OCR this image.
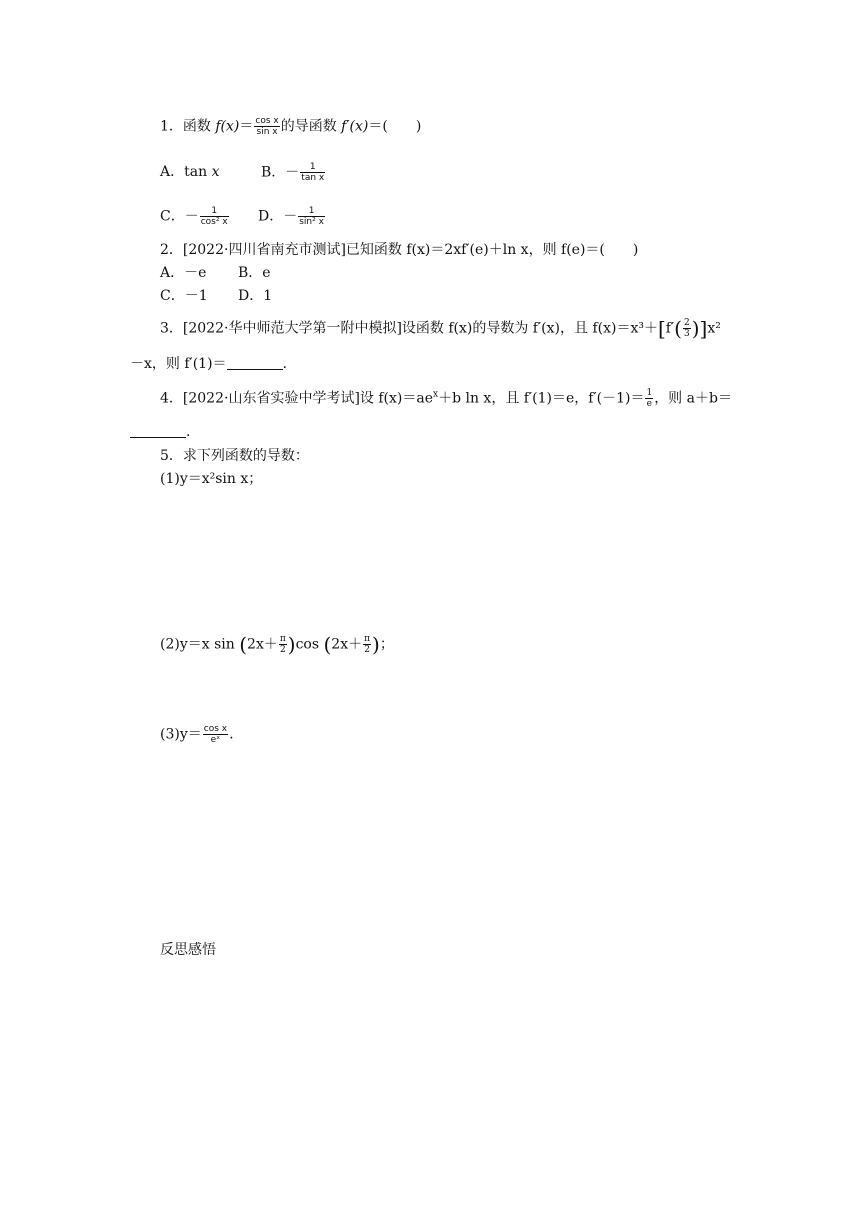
1．函数 $f(x)= \frac{\text{cos x}}{\text{sin x}}$ 的导函数 f′(x)＝(　　)
A．tan x	B．－ $\frac{1}{\text{tan x}}$
C．－ $\frac{1}{\text{cos² x}}$ D．－ $\frac{1}{\text{sin² x}}$
2．[2022·四川省南充市测试]已知函数 f(x)＝2xf′(e)＋ln x，则 f(e)＝(　　)
A．－e B．e
C．－1 D．1
3．[2022·华中师范大学第一附中模拟]设函数 f(x)的导数为 f′(x)，且 $f(x)=x^3+[f'( \frac{2}{3} )]x^2$
－x，则 f′(1)＝	.
4．[2022·山东省实验中学考试]设 $f(x)=ae^x+b$ ln x，且 f′(1)＝e，$f'(-1)= \frac{1}{e}$ ，则 a＋b＝
.
5．求下列函数的导数：
(1)y＝x²sin x；
(2)y＝x $\sin (2x+ \frac{\pi}{2} )\cos$ ($2x+ \frac{\pi}{2}$ )；
$(3)y= \frac{\text{cos x}}{\text{eˣ}}$ .
反思感悟
